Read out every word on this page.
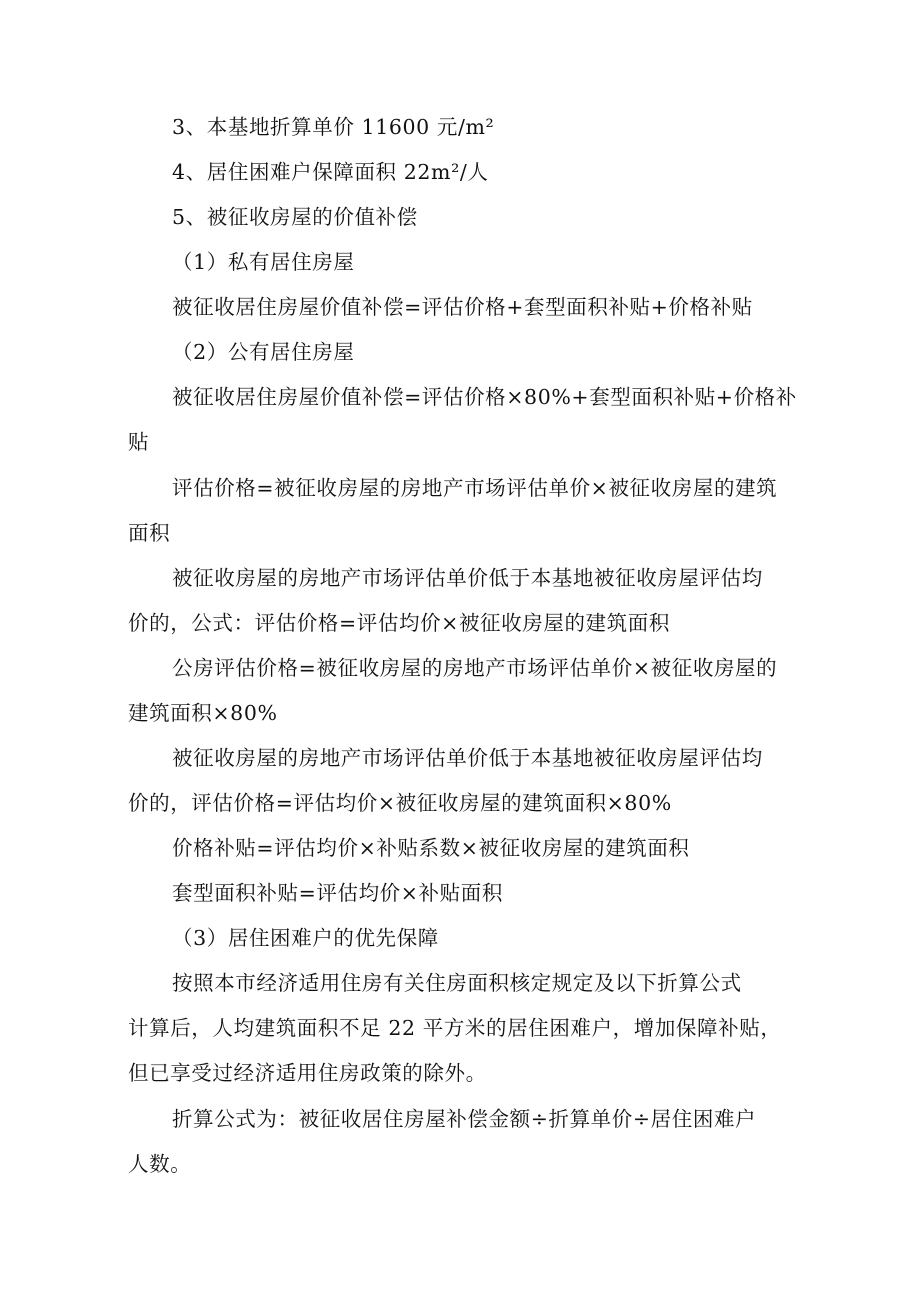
3、本基地折算单价 11600 元/m²
4、居住困难户保障面积 22m²/人
5、被征收房屋的价值补偿
（1）私有居住房屋
被征收居住房屋价值补偿=评估价格+套型面积补贴+价格补贴
（2）公有居住房屋
被征收居住房屋价值补偿=评估价格×80%+套型面积补贴+价格补
贴
评估价格=被征收房屋的房地产市场评估单价×被征收房屋的建筑
面积
被征收房屋的房地产市场评估单价低于本基地被征收房屋评估均
价的，公式：评估价格=评估均价×被征收房屋的建筑面积
公房评估价格=被征收房屋的房地产市场评估单价×被征收房屋的
建筑面积×80%
被征收房屋的房地产市场评估单价低于本基地被征收房屋评估均
价的，评估价格=评估均价×被征收房屋的建筑面积×80%
价格补贴=评估均价×补贴系数×被征收房屋的建筑面积
套型面积补贴=评估均价×补贴面积
（3）居住困难户的优先保障
按照本市经济适用住房有关住房面积核定规定及以下折算公式
计算后，人均建筑面积不足 22 平方米的居住困难户，增加保障补贴，
但已享受过经济适用住房政策的除外。
折算公式为：被征收居住房屋补偿金额÷折算单价÷居住困难户
人数。
